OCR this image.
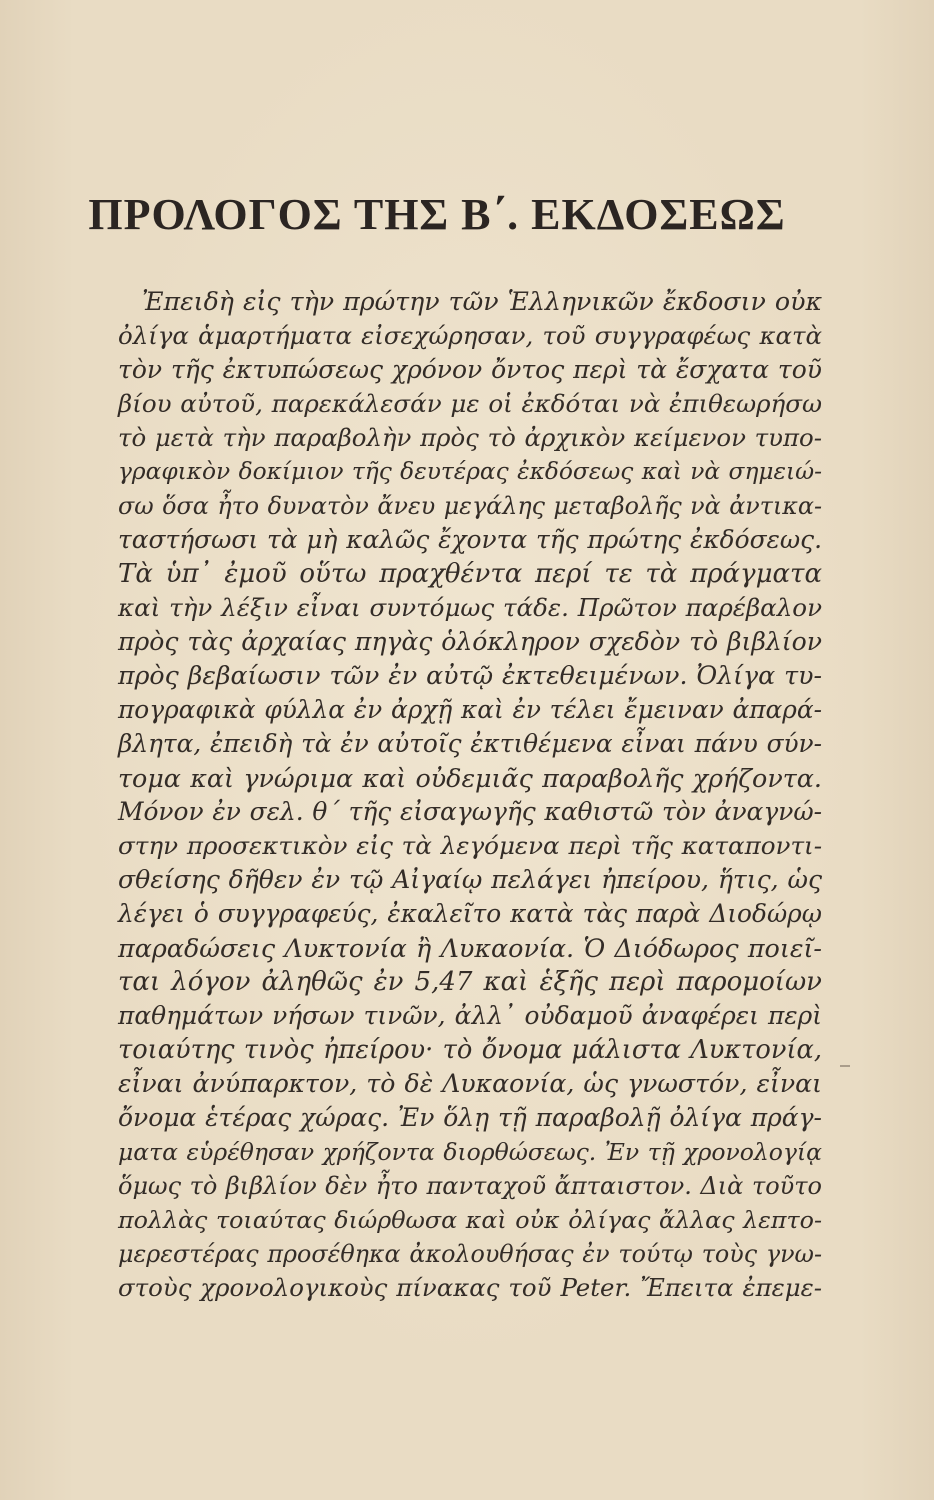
ΠΡΟΛΟΓΟΣ ΤΗΣ Β΄. ΕΚΔΟΣΕΩΣ
Ἐπειδὴ εἰς τὴν πρώτην τῶν Ἑλληνικῶν ἔκδοσιν οὐκ
ὀλίγα ἁμαρτήματα εἰσεχώρησαν, τοῦ συγγραφέως κατὰ
τὸν τῆς ἐκτυπώσεως χρόνον ὄντος περὶ τὰ ἔσχατα τοῦ
βίου αὐτοῦ, παρεκάλεσάν με οἱ ἐκδόται νὰ ἐπιθεωρήσω
τὸ μετὰ τὴν παραβολὴν πρὸς τὸ ἀρχικὸν κείμενον τυπο-
γραφικὸν δοκίμιον τῆς δευτέρας ἐκδόσεως καὶ νὰ σημειώ-
σω ὅσα ἦτο δυνατὸν ἄνευ μεγάλης μεταβολῆς νὰ ἀντικα-
ταστήσωσι τὰ μὴ καλῶς ἔχοντα τῆς πρώτης ἐκδόσεως.
Τὰ ὑπ᾿ ἐμοῦ οὕτω πραχθέντα περί τε τὰ πράγματα
καὶ τὴν λέξιν εἶναι συντόμως τάδε. Πρῶτον παρέβαλον
πρὸς τὰς ἀρχαίας πηγὰς ὁλόκληρον σχεδὸν τὸ βιβλίον
πρὸς βεβαίωσιν τῶν ἐν αὐτῷ ἐκτεθειμένων. Ὀλίγα τυ-
πογραφικὰ φύλλα ἐν ἀρχῇ καὶ ἐν τέλει ἔμειναν ἀπαρά-
βλητα, ἐπειδὴ τὰ ἐν αὐτοῖς ἐκτιθέμενα εἶναι πάνυ σύν-
τομα καὶ γνώριμα καὶ οὐδεμιᾶς παραβολῆς χρήζοντα.
Μόνον ἐν σελ. θ΄ τῆς εἰσαγωγῆς καθιστῶ τὸν ἀναγνώ-
στην προσεκτικὸν εἰς τὰ λεγόμενα περὶ τῆς καταποντι-
σθείσης δῆθεν ἐν τῷ Αἰγαίῳ πελάγει ἠπείρου, ἥτις, ὡς
λέγει ὁ συγγραφεύς, ἐκαλεῖτο κατὰ τὰς παρὰ Διοδώρῳ
παραδώσεις Λυκτονία ἢ Λυκαονία. Ὁ Διόδωρος ποιεῖ-
ται λόγον ἀληθῶς ἐν 5,47 καὶ ἑξῆς περὶ παρομοίων
παθημάτων νήσων τινῶν, ἀλλ᾿ οὐδαμοῦ ἀναφέρει περὶ
τοιαύτης τινὸς ἠπείρου· τὸ ὄνομα μάλιστα Λυκτονία,
εἶναι ἀνύπαρκτον, τὸ δὲ Λυκαονία, ὡς γνωστόν, εἶναι
ὄνομα ἑτέρας χώρας. Ἐν ὅλῃ τῇ παραβολῇ ὀλίγα πράγ-
ματα εὑρέθησαν χρήζοντα διορθώσεως. Ἐν τῇ χρονολογίᾳ
ὅμως τὸ βιβλίον δὲν ἦτο πανταχοῦ ἄπταιστον. Διὰ τοῦτο
πολλὰς τοιαύτας διώρθωσα καὶ οὐκ ὀλίγας ἄλλας λεπτο-
μερεστέρας προσέθηκα ἀκολουθήσας ἐν τούτῳ τοὺς γνω-
στοὺς χρονολογικοὺς πίνακας τοῦ Peter. Ἔπειτα ἐπεμε-
